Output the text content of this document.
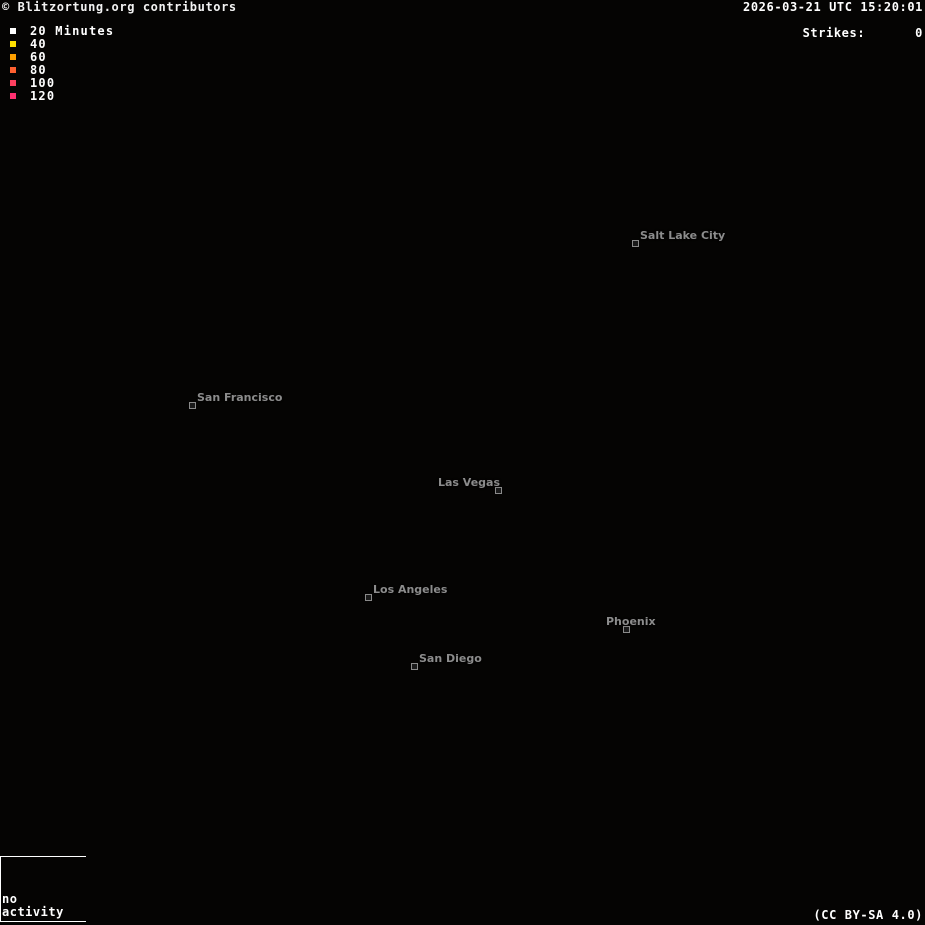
© Blitzortung.org contributors	2026-03-21 UTC 15:20:01
Strikes:	0
20 Minutes
40
60
80
100
120
Salt Lake City
San Francisco
Las Vegas
Los Angeles
Phoenix
San Diego
no
activity	(CC BY-SA 4.0)
